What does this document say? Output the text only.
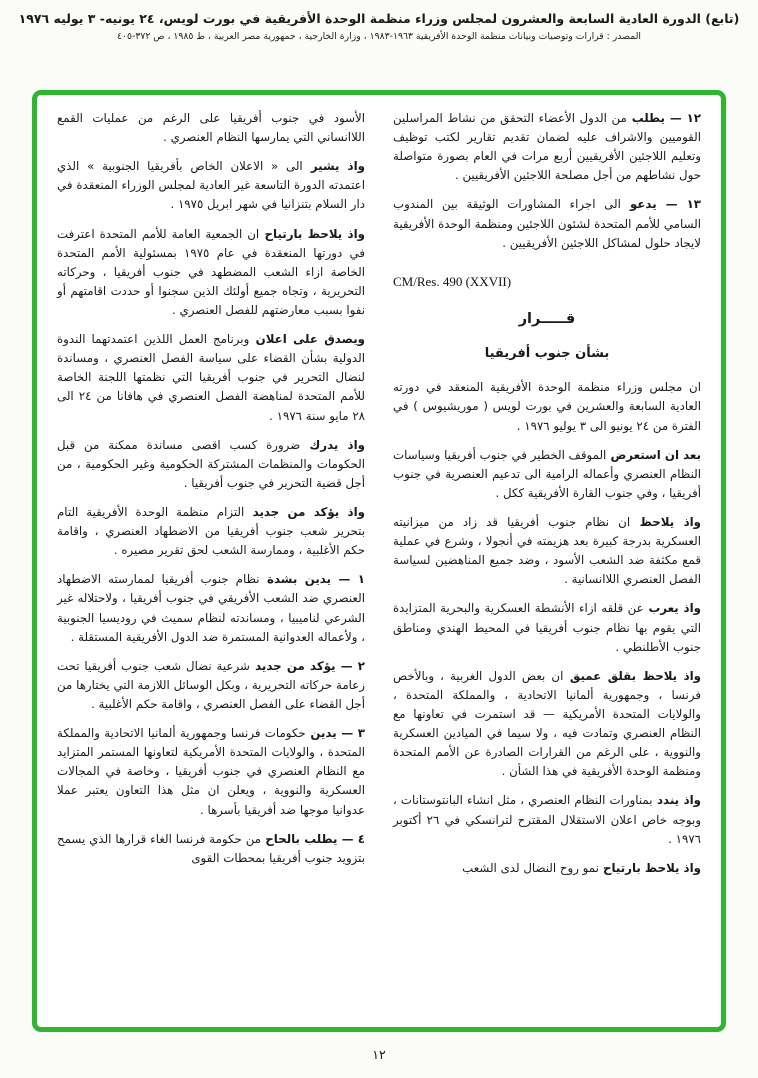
(تابع) الدورة العادية السابعة والعشرون لمجلس وزراء منظمة الوحدة الأفريقية في بورت لويس، ٢٤ يونيه- ٣ يوليه ١٩٧٦
المصدر : قرارات وتوصيات وبيانات منظمة الوحدة الأفريقية ١٩٦٣-١٩٨٣ ، وزارة الخارجية ، جمهورية مصر العربية ، ط ١٩٨٥ ، ص ٣٧٢-٤٠٥

١٢ — يطلب من الدول الأعضاء التحقق من نشاط المراسلين القوميين والاشراف عليه لضمان تقديم تقارير لكتب توظيف وتعليم اللاجئين الأفريقيين أربع مرات في العام بصورة متواصلة حول نشاطهم من أجل مصلحة اللاجئين الأفريقيين .

١٣ — يدعو الى اجراء المشاورات الوثيقة بين المندوب السامي للأمم المتحدة لشئون اللاجئين ومنظمة الوحدة الأفريقية لايجاد حلول لمشاكل اللاجئين الأفريقيين .

CM/Res. 490 (XXVII)
قـــــرار
بشأن جنوب أفريقيا

ان مجلس وزراء منظمة الوحدة الأفريقية المنعقد في دورته العادية السابعة والعشرين في بورت لويس ( موريشيوس ) في الفترة من ٢٤ يونيو الى ٣ يوليو ١٩٧٦ .

بعد ان استعرض الموقف الخطير في جنوب أفريقيا وسياسات النظام العنصري وأعماله الرامية الى تدعيم العنصرية في جنوب أفريقيا ، وفي جنوب القارة الأفريقية ككل .

واذ يلاحظ ان نظام جنوب أفريقيا قد زاد من ميزانيته العسكرية بدرجة كبيرة بعد هزيمته في أنجولا ، وشرع في عملية قمع مكثفة ضد الشعب الأسود ، وضد جميع المناهضين لسياسة الفصل العنصري اللاانسانية .

واذ يعرب عن قلقه ازاء الأنشطة العسكرية والبحرية المتزايدة التي يقوم بها نظام جنوب أفريقيا في المحيط الهندي ومناطق جنوب الأطلنطي .

واذ يلاحظ بقلق عميق ان بعض الدول الغربية ، وبالأخص فرنسا ، وجمهورية ألمانيا الاتحادية ، والمملكة المتحدة ، والولايات المتحدة الأمريكية — قد استمرت في تعاونها مع النظام العنصري وتمادت فيه ، ولا سيما في الميادين العسكرية والنووية ، على الرغم من القرارات الصادرة عن الأمم المتحدة ومنظمة الوحدة الأفريقية في هذا الشأن .

واذ يندد بمناورات النظام العنصري ، مثل انشاء البانتوستانات ، وبوجه خاص اعلان الاستقلال المقترح لترانسكي في ٢٦ أكتوبر ١٩٧٦ .

واذ يلاحظ بارتياح نمو روح النضال لدى الشعب

الأسود في جنوب أفريقيا على الرغم من عمليات القمع اللاانساني التي يمارسها النظام العنصري .

واذ يشير الى « الاعلان الخاص بأفريقيا الجنوبية » الذي اعتمدته الدورة التاسعة غير العادية لمجلس الوزراء المنعقدة في دار السلام بتنزانيا في شهر ابريل ١٩٧٥ .

واذ يلاحظ بارتياح ان الجمعية العامة للأمم المتحدة اعترفت في دورتها المنعقدة في عام ١٩٧٥ بمسئولية الأمم المتحدة الخاصة ازاء الشعب المضطهد في جنوب أفريقيا ، وحركاته التحريرية ، وتجاه جميع أولئك الذين سجنوا أو حددت اقامتهم أو نفوا بسبب معارضتهم للفصل العنصري .

ويصدق على اعلان وبرنامج العمل اللذين اعتمدتهما الندوة الدولية بشأن القضاء على سياسة الفصل العنصري ، ومساندة لنضال التحرير في جنوب أفريقيا التي نظمتها اللجنة الخاصة للأمم المتحدة لمناهضة الفصل العنصري في هافانا من ٢٤ الى ٢٨ مايو سنة ١٩٧٦ .

واذ يدرك ضرورة كسب اقصى مساندة ممكنة من قبل الحكومات والمنظمات المشتركة الحكومية وغير الحكومية ، من أجل قضية التحرير في جنوب أفريقيا .

واذ يؤكد من جديد التزام منظمة الوحدة الأفريقية التام بتحرير شعب جنوب أفريقيا من الاضطهاد العنصري ، واقامة حكم الأغلبية ، وممارسة الشعب لحق تقرير مصيره .

١ — يدين بشدة نظام جنوب أفريقيا لممارسته الاضطهاد العنصري ضد الشعب الأفريقي في جنوب أفريقيا ، ولاحتلاله غير الشرعي لناميبيا ، ومساندته لنظام سميث في روديسيا الجنوبية ، ولأعماله العدوانية المستمرة ضد الدول الأفريقية المستقلة .

٢ — يؤكد من جديد شرعية نضال شعب جنوب أفريقيا تحت زعامة حركاته التحريرية ، وبكل الوسائل اللازمة التي يختارها من أجل القضاء على الفصل العنصري ، واقامة حكم الأغلبية .

٣ — يدين حكومات فرنسا وجمهورية ألمانيا الاتحادية والمملكة المتحدة ، والولايات المتحدة الأمريكية لتعاونها المستمر المتزايد مع النظام العنصري في جنوب أفريقيا ، وخاصة في المجالات العسكرية والنووية ، ويعلن ان مثل هذا التعاون يعتبر عملا عدوانيا موجها ضد أفريقيا بأسرها .

٤ — يطلب بالحاح من حكومة فرنسا الغاء قرارها الذي يسمح بتزويد جنوب أفريقيا بمحطات القوى

١٢
